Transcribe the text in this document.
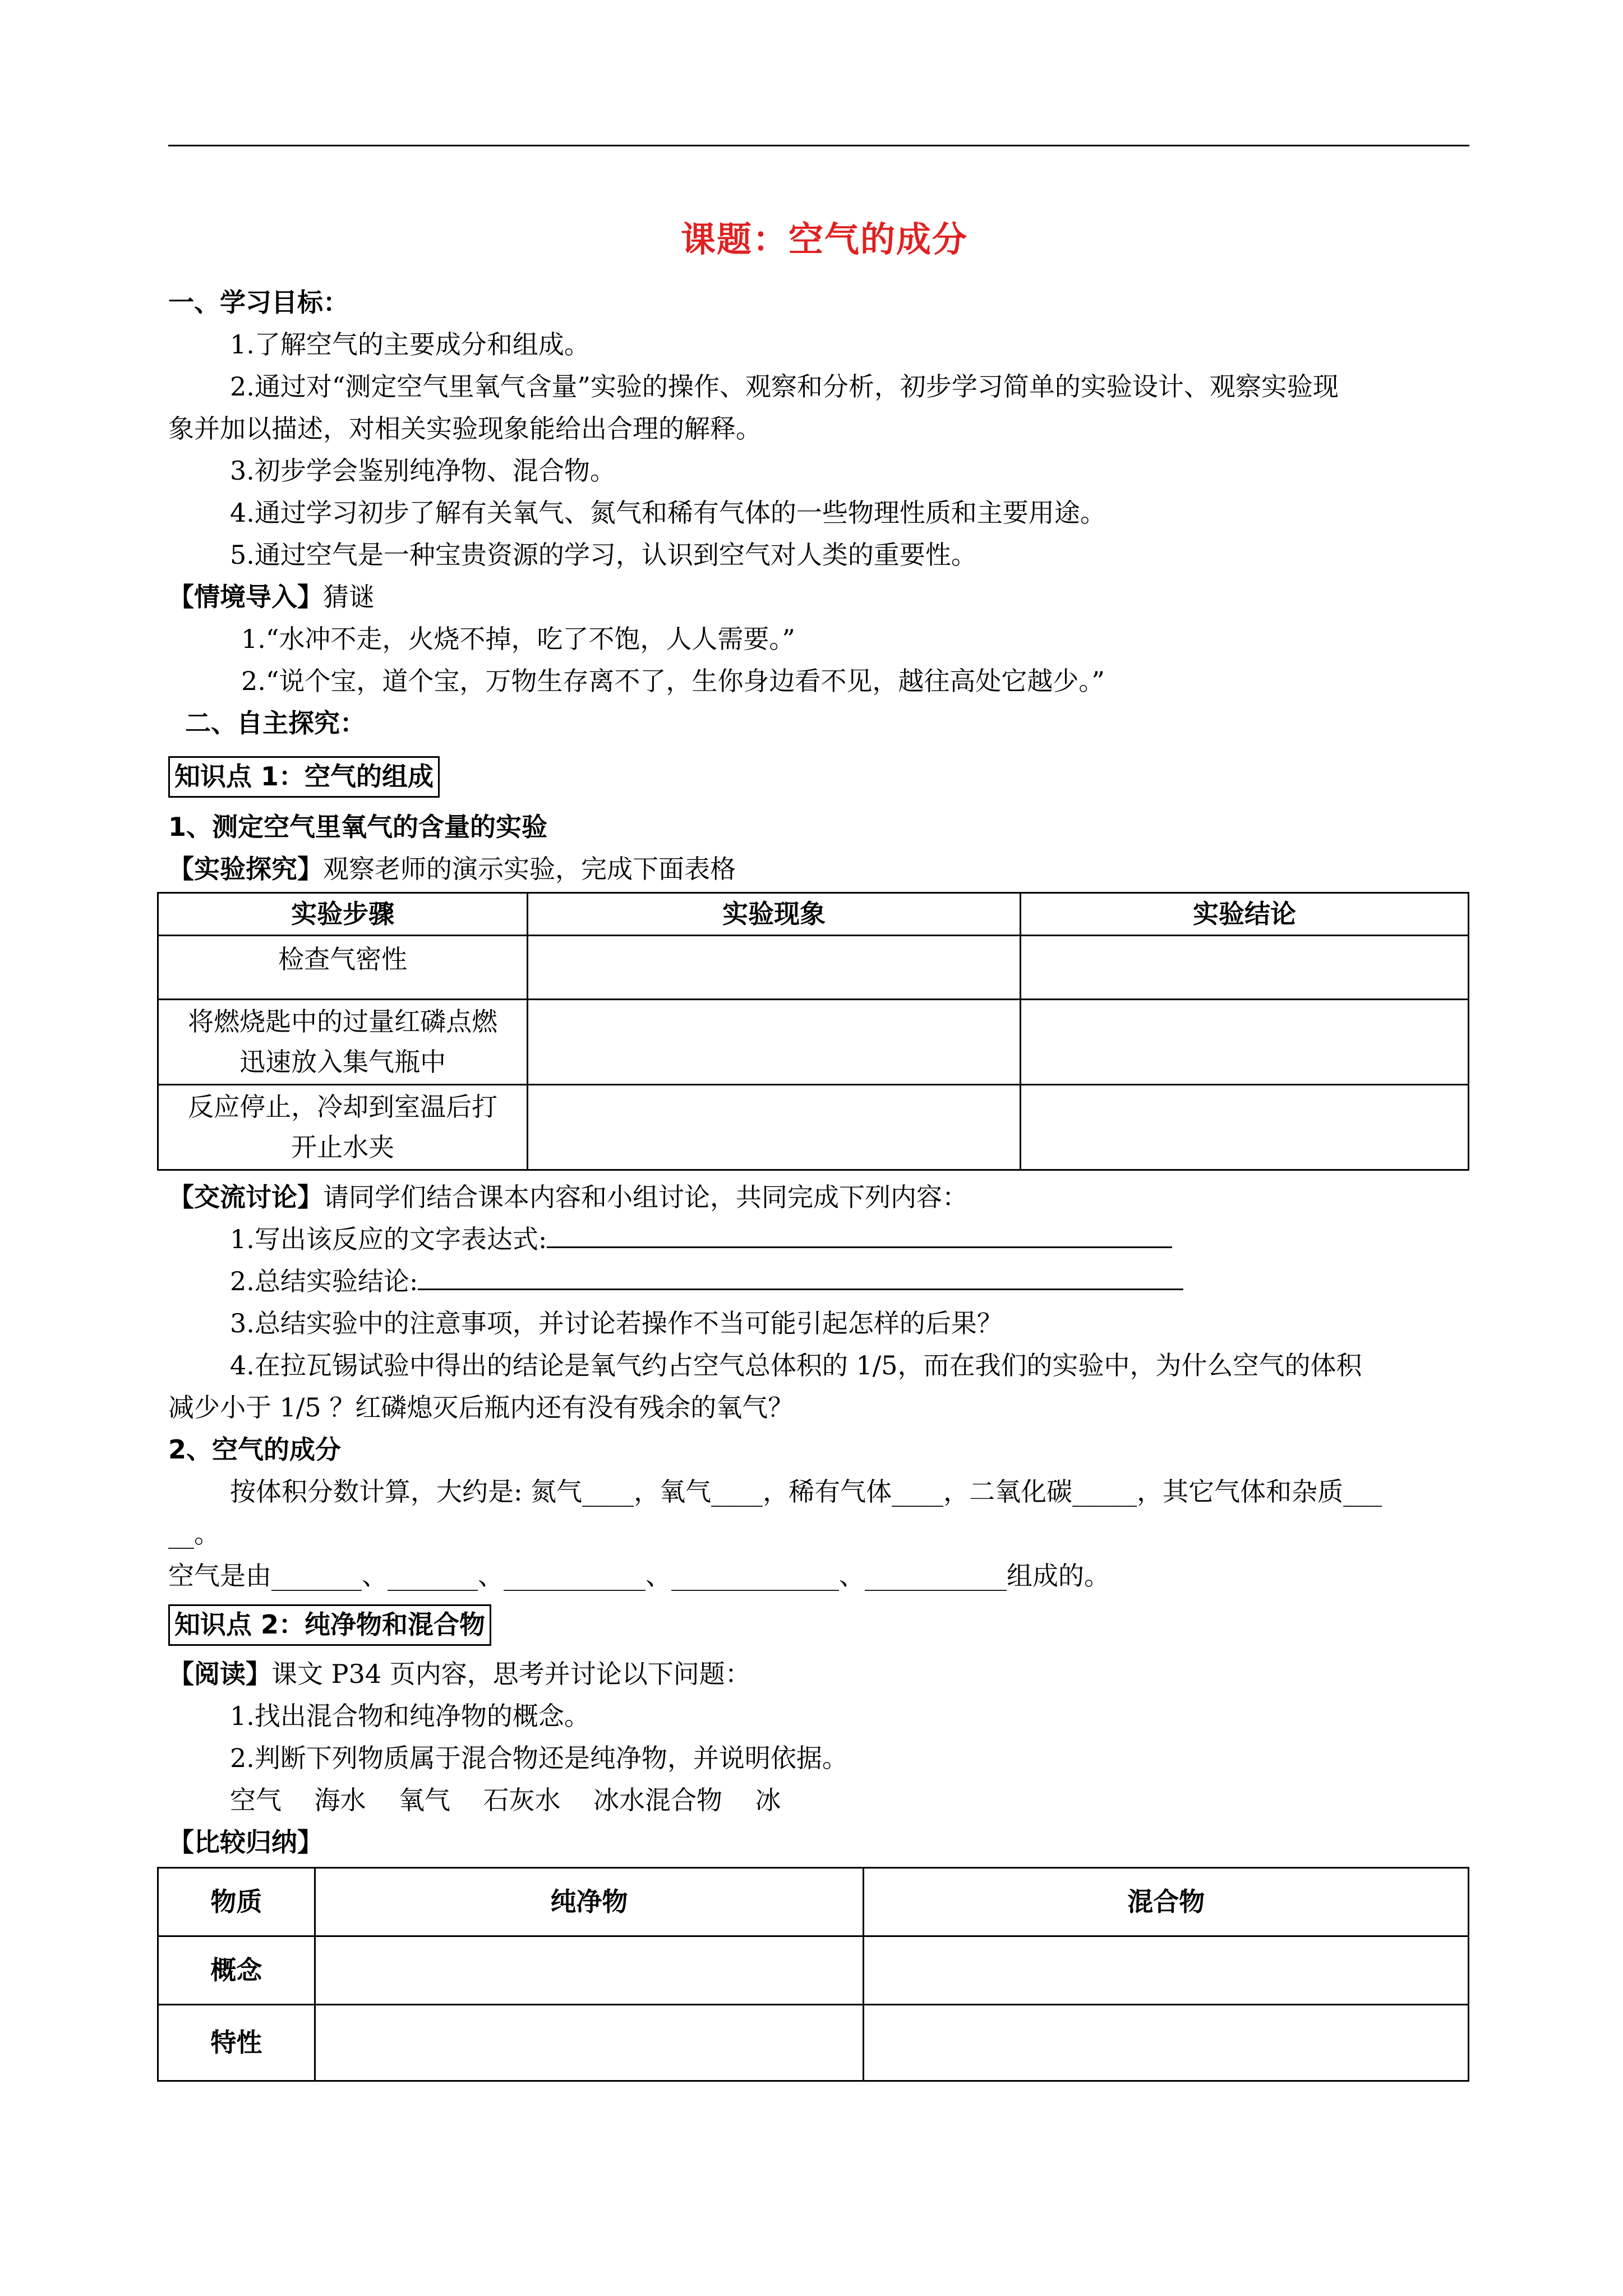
课题：空气的成分
一、学习目标：
1.了解空气的主要成分和组成。
2.通过对“测定空气里氧气含量”实验的操作、观察和分析，初步学习简单的实验设计、观察实验现
象并加以描述，对相关实验现象能给出合理的解释。
3.初步学会鉴别纯净物、混合物。
4.通过学习初步了解有关氧气、氮气和稀有气体的一些物理性质和主要用途。
5.通过空气是一种宝贵资源的学习，认识到空气对人类的重要性。
【情境导入】猜谜
1.“水冲不走，火烧不掉，吃了不饱，人人需要。”
2.“说个宝，道个宝，万物生存离不了，生你身边看不见，越往高处它越少。”
二、自主探究：
知识点 1：空气的组成
1、测定空气里氧气的含量的实验
【实验探究】观察老师的演示实验，完成下面表格
实验步骤	实验现象	实验结论
检查气密性		

将燃烧匙中的过量红磷点燃
迅速放入集气瓶中		

反应停止，冷却到室温后打
开止水夹		

【交流讨论】请同学们结合课本内容和小组讨论，共同完成下列内容：
1.写出该反应的文字表达式:
2.总结实验结论:
3.总结实验中的注意事项，并讨论若操作不当可能引起怎样的后果？
4.在拉瓦锡试验中得出的结论是氧气约占空气总体积的 1/5，而在我们的实验中，为什么空气的体积
减少小于 1/5 ？红磷熄灭后瓶内还有没有残余的氧气？
2、空气的成分
按体积分数计算，大约是: 氮气____，氧气____，稀有气体____，二氧化碳_____，其它气体和杂质___
__。
空气是由_______、_______、___________、_____________、___________组成的。
知识点 2：纯净物和混合物
【阅读】课文 P34 页内容，思考并讨论以下问题：
1.找出混合物和纯净物的概念。
2.判断下列物质属于混合物还是纯净物，并说明依据。
空气    海水    氧气    石灰水    冰水混合物    冰
【比较归纳】
物质	纯净物	混合物
概念		
特性		
